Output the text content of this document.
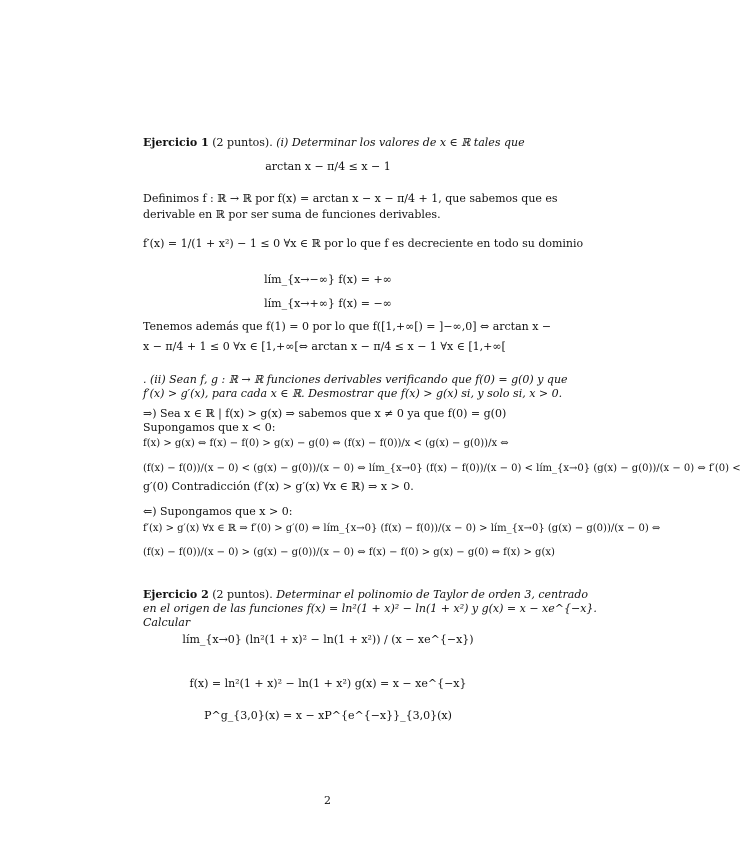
Ejercicio 1 (2 puntos). (i) Determinar los valores de x ∈ ℝ tales que
arctan x − π/4 ≤ x − 1
Definimos f : ℝ → ℝ por f(x) = arctan x − x − π/4 + 1, que sabemos que es
derivable en ℝ por ser suma de funciones derivables.
f′(x) = 1/(1 + x²) − 1 ≤ 0 ∀x ∈ ℝ por lo que f es decreciente en todo su dominio
lím_{x→−∞} f(x) = +∞
lím_{x→+∞} f(x) = −∞
Tenemos además que f(1) = 0 por lo que f([1,+∞[) = ]−∞,0] ⇔ arctan x −
x − π/4 + 1 ≤ 0 ∀x ∈ [1,+∞[⇔ arctan x − π/4 ≤ x − 1 ∀x ∈ [1,+∞[
. (ii) Sean f, g : ℝ → ℝ funciones derivables verificando que f(0) = g(0) y que
f′(x) > g′(x), para cada x ∈ ℝ. Desmostrar que f(x) > g(x) si, y solo si, x > 0.
⇒) Sea x ∈ ℝ | f(x) > g(x) ⇒ sabemos que x ≠ 0 ya que f(0) = g(0)
Supongamos que x < 0:
f(x) > g(x) ⇔ f(x) − f(0) > g(x) − g(0) ⇔ (f(x) − f(0))/x < (g(x) − g(0))/x ⇔
(f(x) − f(0))/(x − 0) < (g(x) − g(0))/(x − 0) ⇔ lím_{x→0} (f(x) − f(0))/(x − 0) < lím_{x→0} (g(x) − g(0))/(x − 0) ⇔ f′(0) <
g′(0) Contradicción (f′(x) > g′(x) ∀x ∈ ℝ) ⇒ x > 0.
⇐) Supongamos que x > 0:
f′(x) > g′(x) ∀x ∈ ℝ ⇒ f′(0) > g′(0) ⇔ lím_{x→0} (f(x) − f(0))/(x − 0) > lím_{x→0} (g(x) − g(0))/(x − 0) ⇔
(f(x) − f(0))/(x − 0) > (g(x) − g(0))/(x − 0) ⇔ f(x) − f(0) > g(x) − g(0) ⇔ f(x) > g(x)
Ejercicio 2 (2 puntos). Determinar el polinomio de Taylor de orden 3, centrado
en el origen de las funciones f(x) = ln²(1 + x)² − ln(1 + x²) y g(x) = x − xe^{−x}.
Calcular
lím_{x→0} (ln²(1 + x)² − ln(1 + x²)) / (x − xe^{−x})
f(x) = ln²(1 + x)² − ln(1 + x²) g(x) = x − xe^{−x}
P^g_{3,0}(x) = x − xP^{e^{−x}}_{3,0}(x)
2
